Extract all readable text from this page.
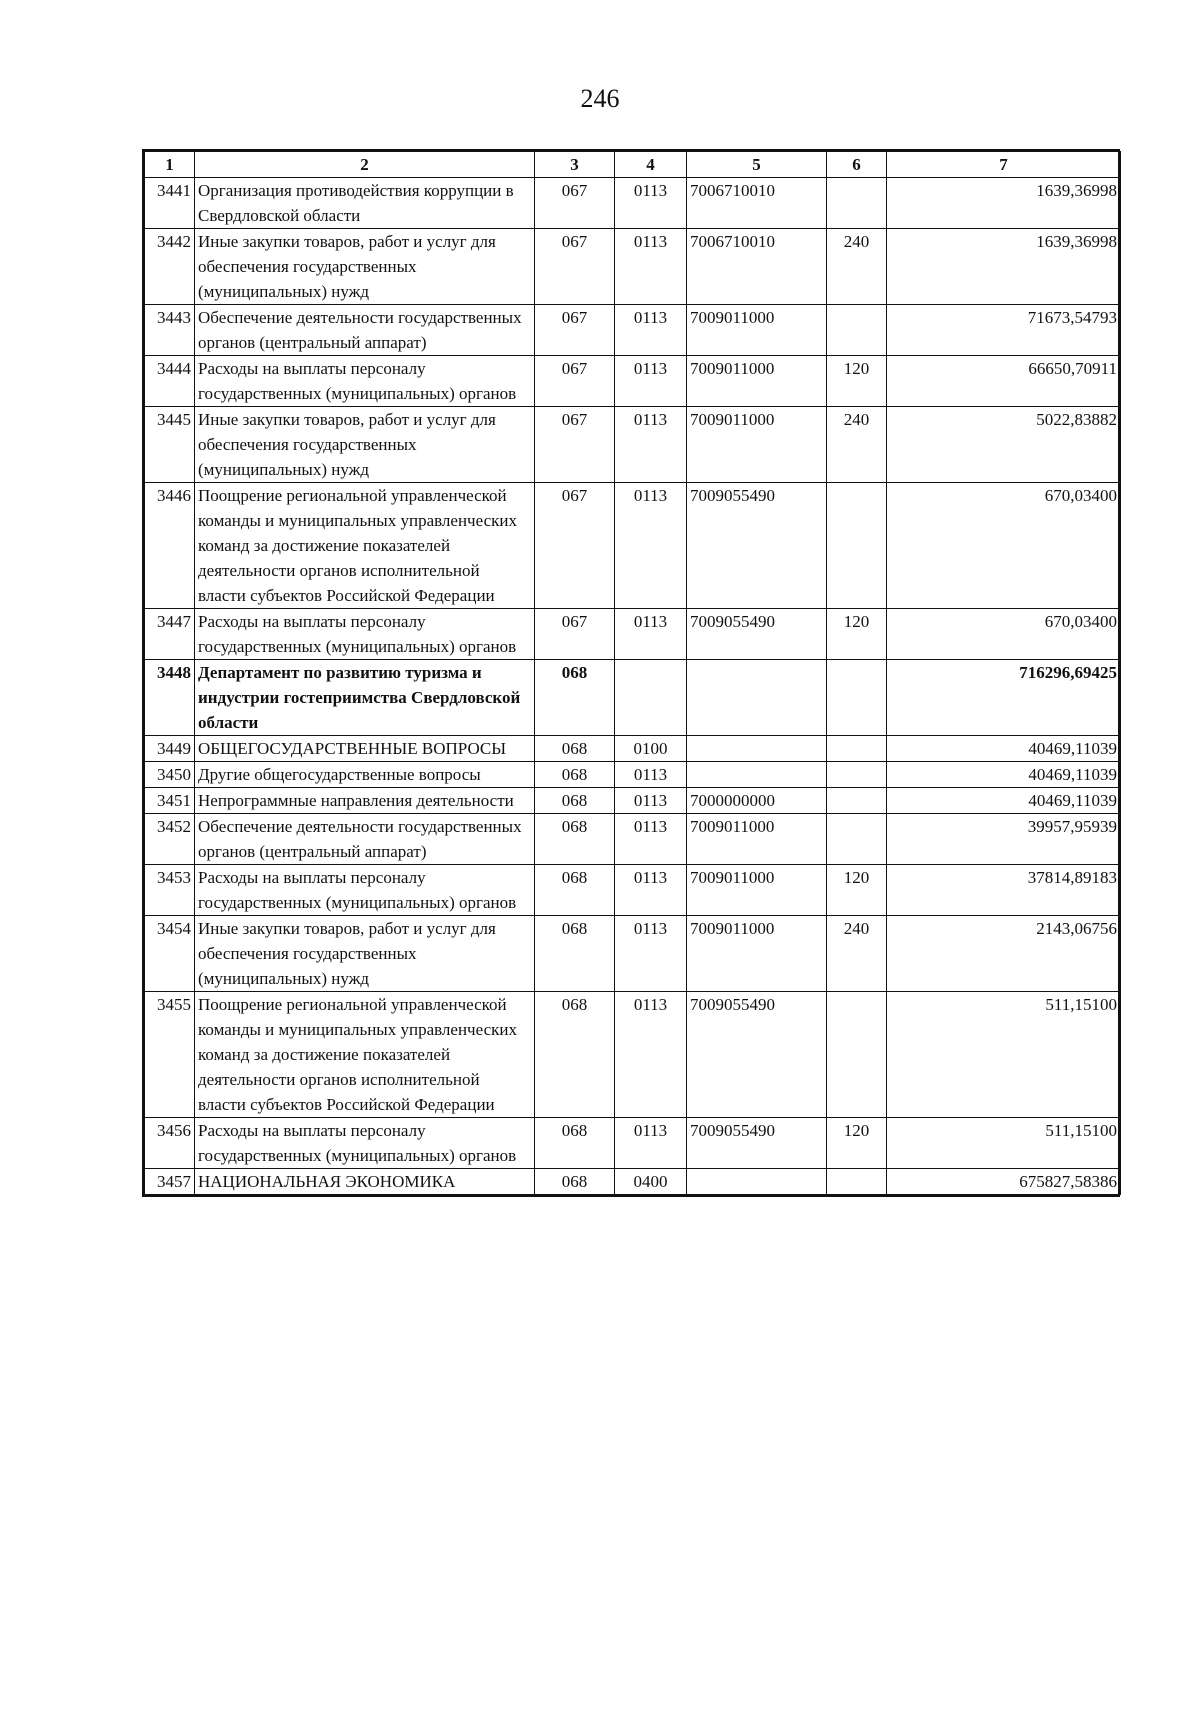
246
1	2	3	4	5	6	7
3441	Организация противодействия коррупции в Свердловской области	067	0113	7006710010		1639,36998
3442	Иные закупки товаров, работ и услуг для обеспечения государственных (муниципальных) нужд	067	0113	7006710010	240	1639,36998
3443	Обеспечение деятельности государственных органов (центральный аппарат)	067	0113	7009011000		71673,54793
3444	Расходы на выплаты персоналу государственных (муниципальных) органов	067	0113	7009011000	120	66650,70911
3445	Иные закупки товаров, работ и услуг для обеспечения государственных (муниципальных) нужд	067	0113	7009011000	240	5022,83882
3446	Поощрение региональной управленческой команды и муниципальных управленческих команд за достижение показателей деятельности органов исполнительной власти субъектов Российской Федерации	067	0113	7009055490		670,03400
3447	Расходы на выплаты персоналу государственных (муниципальных) органов	067	0113	7009055490	120	670,03400
3448	Департамент по развитию туризма и индустрии гостеприимства Свердловской области	068				716296,69425
3449	ОБЩЕГОСУДАРСТВЕННЫЕ ВОПРОСЫ	068	0100			40469,11039
3450	Другие общегосударственные вопросы	068	0113			40469,11039
3451	Непрограммные направления деятельности	068	0113	7000000000		40469,11039
3452	Обеспечение деятельности государственных органов (центральный аппарат)	068	0113	7009011000		39957,95939
3453	Расходы на выплаты персоналу государственных (муниципальных) органов	068	0113	7009011000	120	37814,89183
3454	Иные закупки товаров, работ и услуг для обеспечения государственных (муниципальных) нужд	068	0113	7009011000	240	2143,06756
3455	Поощрение региональной управленческой команды и муниципальных управленческих команд за достижение показателей деятельности органов исполнительной власти субъектов Российской Федерации	068	0113	7009055490		511,15100
3456	Расходы на выплаты персоналу государственных (муниципальных) органов	068	0113	7009055490	120	511,15100
3457	НАЦИОНАЛЬНАЯ ЭКОНОМИКА	068	0400			675827,58386
